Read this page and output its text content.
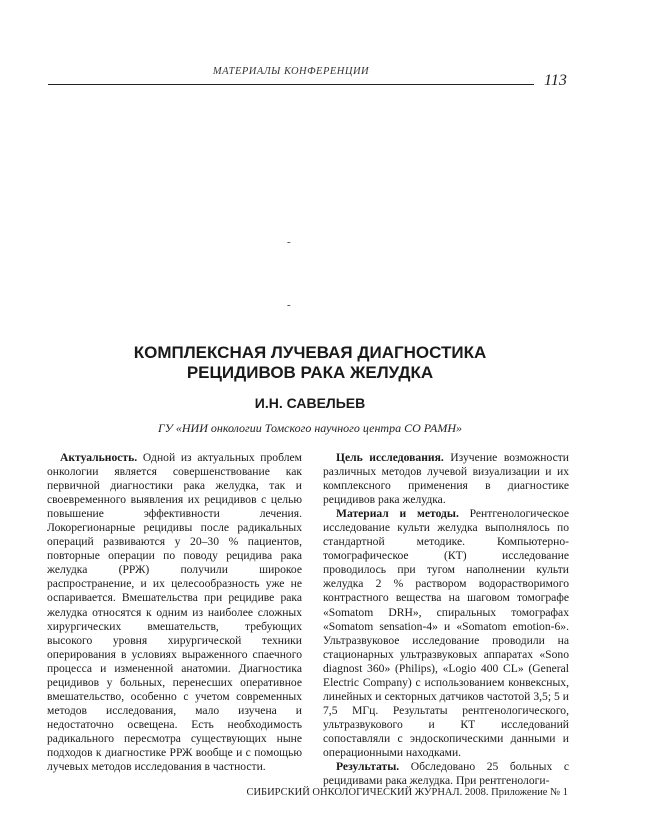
МАТЕРИАЛЫ КОНФЕРЕНЦИИ
113
-
-
КОМПЛЕКСНАЯ ЛУЧЕВАЯ ДИАГНОСТИКА
РЕЦИДИВОВ РАКА ЖЕЛУДКА
И.Н. САВЕЛЬЕВ
ГУ «НИИ онкологии Томского научного центра СО РАМН»

Актуальность. Одной из актуальных проблем онкологии является совершенствование как первичной диагностики рака желудка, так и своевременного выявления их рецидивов с целью повышение эффективности лечения. Локорегионарные рецидивы после радикальных операций развиваются у 20–30 % пациентов, повторные операции по поводу рецидива рака желудка (РРЖ) получили широкое распространение, и их целесообразность уже не оспаривается. Вмешательства при рецидиве рака желудка относятся к одним из наиболее сложных хирургических вмешательств, требующих высокого уровня хирургической техники оперирования в условиях выраженного спаечного процесса и измененной анатомии. Диагностика рецидивов у больных, перенесших оперативное вмешательство, особенно с учетом современных методов исследования, мало изучена и недостаточно освещена. Есть необходимость радикального пересмотра существующих ныне подходов к диагностике РРЖ вообще и с помощью лучевых методов исследования в частности.

Цель исследования. Изучение возможности различных методов лучевой визуализации и их комплексного применения в диагностике рецидивов рака желудка.

Материал и методы. Рентгенологическое исследование культи желудка выполнялось по стандартной методике. Компьютерно-томографическое (КТ) исследование проводилось при тугом наполнении культи желудка 2 % раствором водорастворимого контрастного вещества на шаговом томографе «Somatom DRH», спиральных томографах «Somatom sensation-4» и «Somatom emotion-6». Ультразвуковое исследование проводили на стационарных ультразвуковых аппаратах «Sono diagnost 360» (Philips), «Logio 400 CL» (General Electric Company) с использованием конвексных, линейных и секторных датчиков частотой 3,5; 5 и 7,5 МГц. Результаты рентгенологического, ультразвукового и КТ исследований сопоставляли с эндоскопическими данными и операционными находками.

Результаты. Обследовано 25 больных с рецидивами рака желудка. При рентгенологи-

СИБИРСКИЙ ОНКОЛОГИЧЕСКИЙ ЖУРНАЛ. 2008. Приложение № 1
